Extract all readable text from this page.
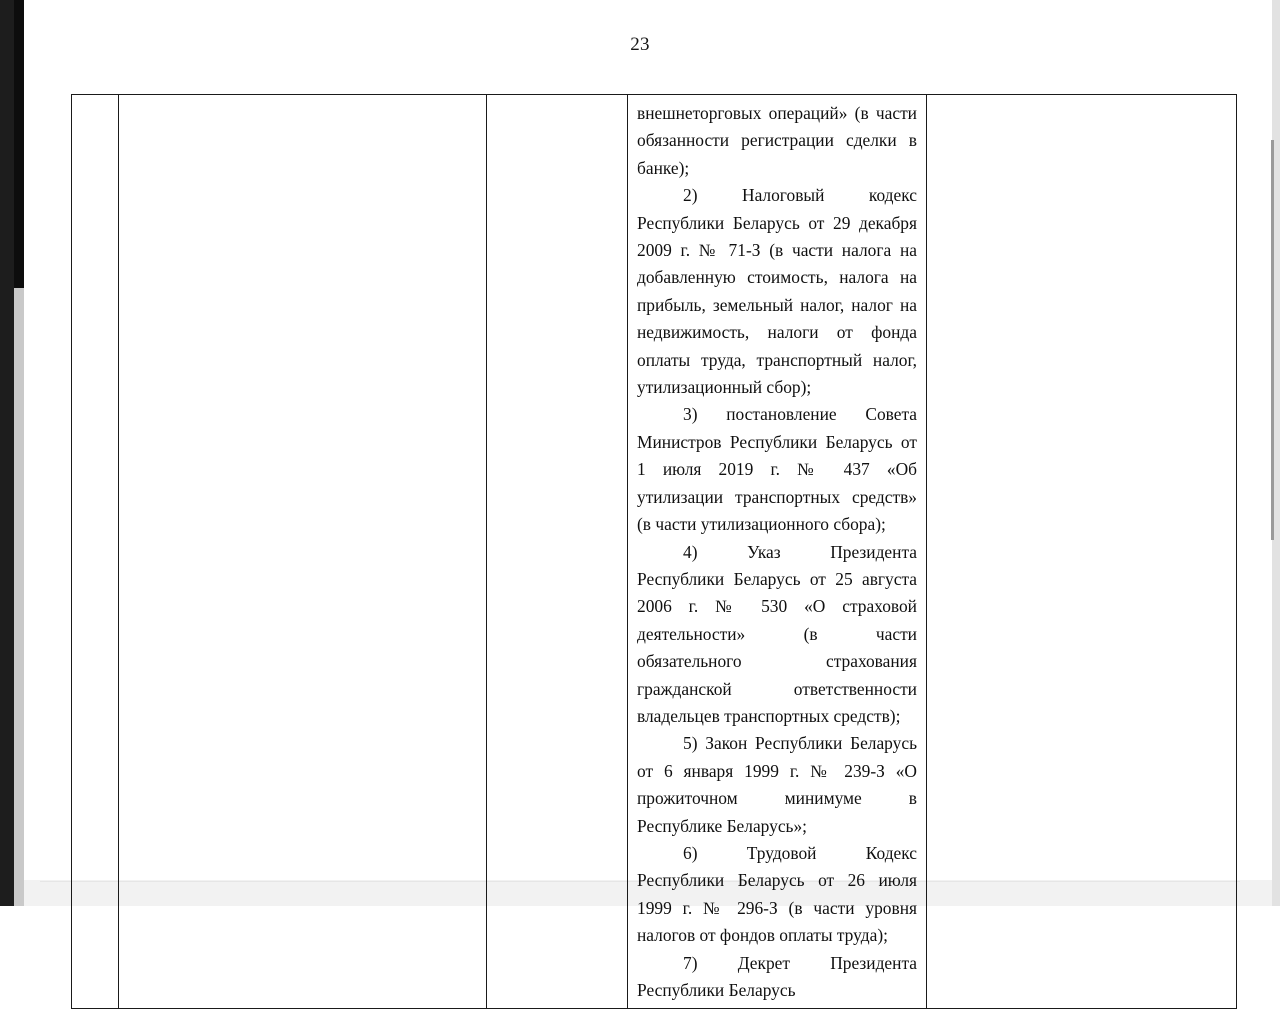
23

внешнеторговых операций» (в части обязанности регистрации сделки в банке);

2) Налоговый кодекс Республики Беларусь от 29 декабря 2009 г. № 71-З (в части налога на добавленную стоимость, налога на прибыль, земельный налог, налог на недвижимость, налоги от фонда оплаты труда, транспортный налог, утилизационный сбор);

3) постановление Совета Министров Республики Беларусь от 1 июля 2019 г. № 437 «Об утилизации транспортных средств» (в части утилизационного сбора);

4) Указ Президента Республики Беларусь от 25 августа 2006 г. № 530 «О страховой деятельности» (в части обязательного страхования гражданской ответственности владельцев транспортных средств);

5) Закон Республики Беларусь от 6 января 1999 г. № 239-З «О прожиточном минимуме в Республике Беларусь»;

6) Трудовой Кодекс Республики Беларусь от 26 июля 1999 г. № 296-З (в части уровня налогов от фондов оплаты труда);

7) Декрет Президента Республики Беларусь
